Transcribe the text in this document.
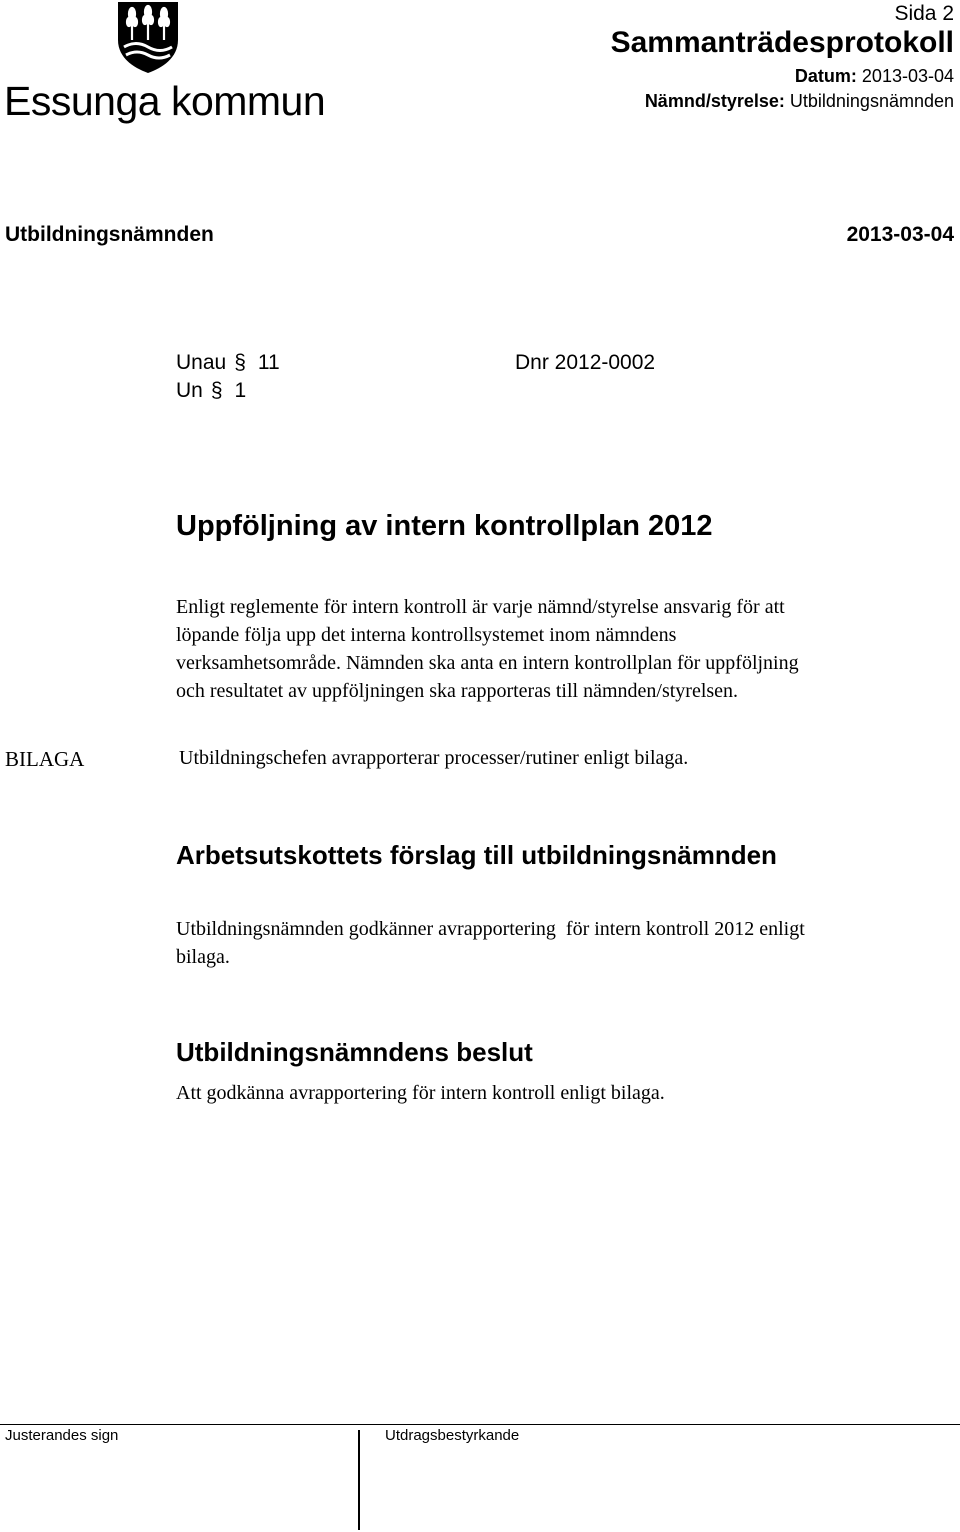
Essunga kommun
Sida 2
Sammanträdesprotokoll
Datum: 2013-03-04
Nämnd/styrelse: Utbildningsnämnden
Utbildningsnämnden	2013-03-04
Unau § 11
Un § 1
Dnr 2012-0002
Uppföljning av intern kontrollplan 2012
Enligt reglemente för intern kontroll är varje nämnd/styrelse ansvarig för att
löpande följa upp det interna kontrollsystemet inom nämndens
verksamhetsområde. Nämnden ska anta en intern kontrollplan för uppföljning
och resultatet av uppföljningen ska rapporteras till nämnden/styrelsen.
BILAGA	Utbildningschefen avrapporterar processer/rutiner enligt bilaga.
Arbetsutskottets förslag till utbildningsnämnden
Utbildningsnämnden godkänner avrapportering  för intern kontroll 2012 enligt
bilaga.
Utbildningsnämndens beslut
Att godkänna avrapportering för intern kontroll enligt bilaga.
Justerandes sign	Utdragsbestyrkande
